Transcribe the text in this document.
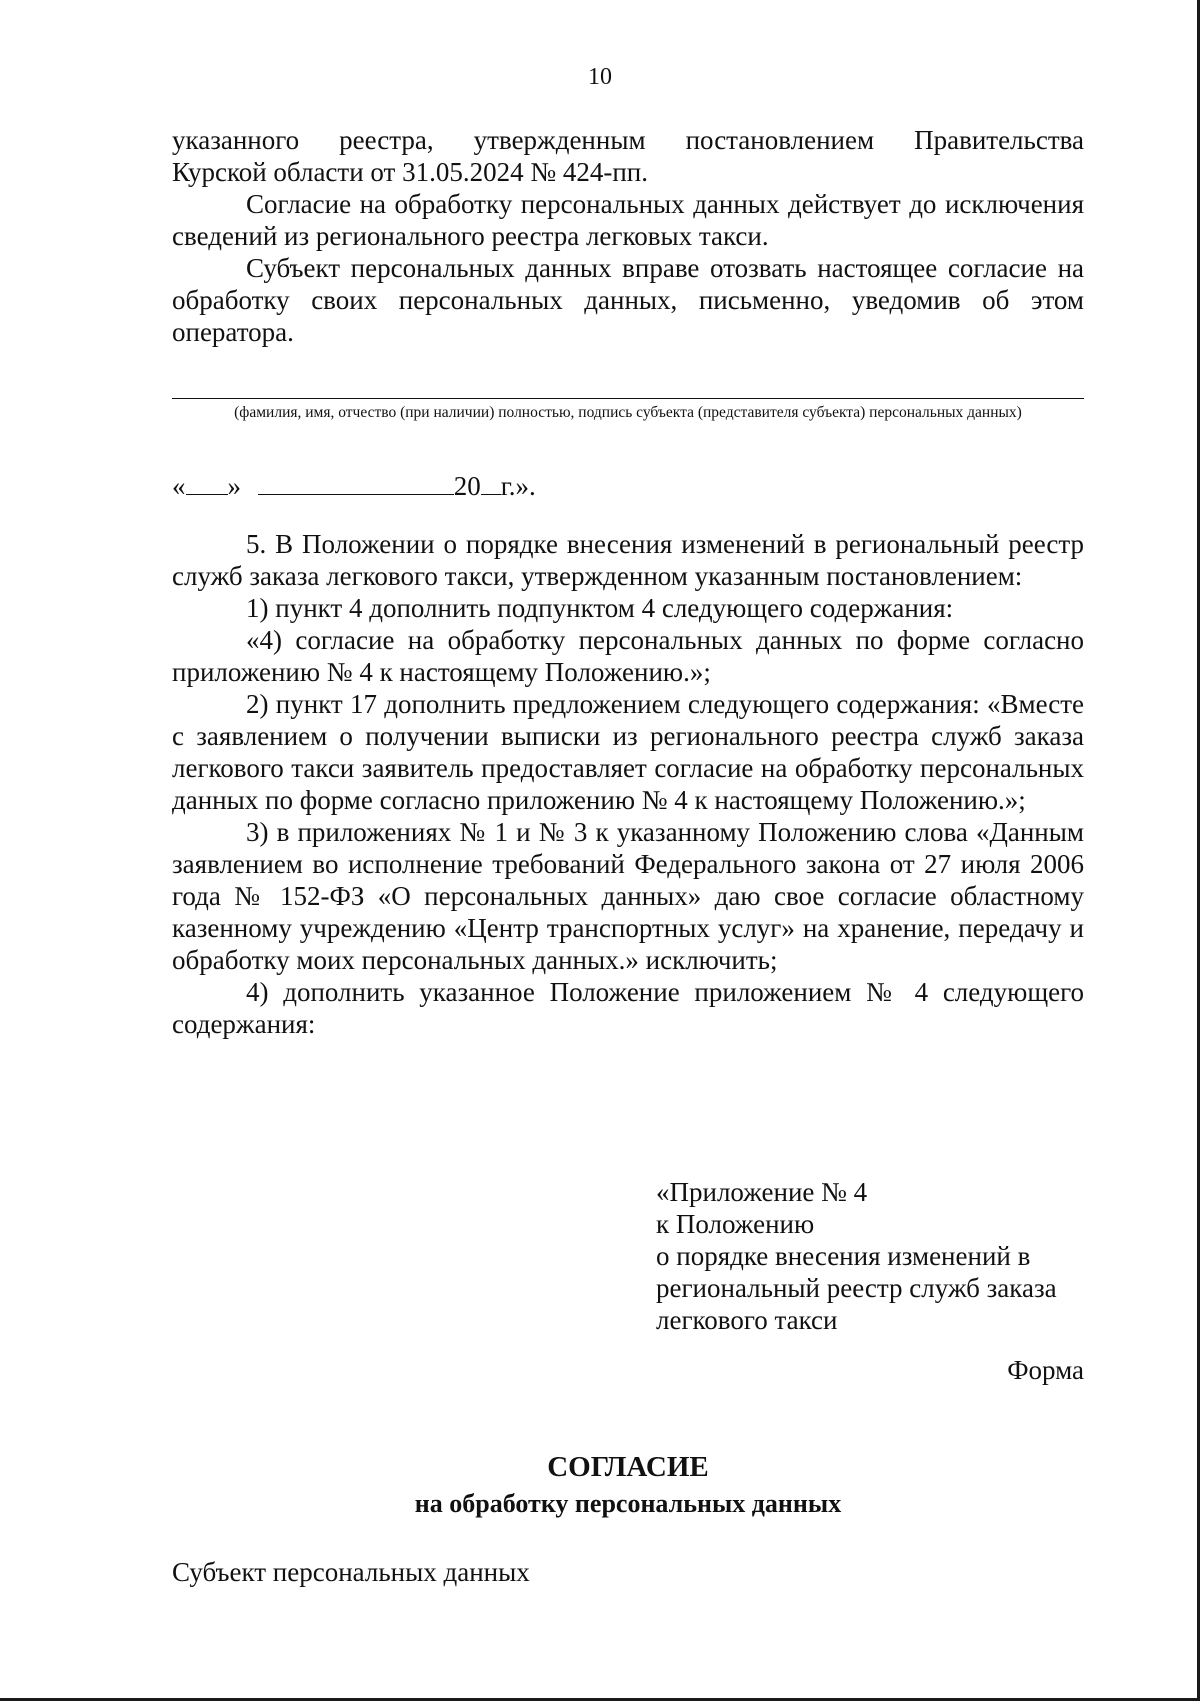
10

указанного реестра, утвержденным постановлением Правительства
Курской области от 31.05.2024 № 424-пп.

Согласие на обработку персональных данных действует до исключения сведений из регионального реестра легковых такси.

Субъект персональных данных вправе отозвать настоящее согласие на обработку своих персональных данных, письменно, уведомив об этом оператора.

(фамилия, имя, отчество (при наличии) полностью, подпись субъекта (представителя субъекта) персональных данных)
« »	20 г.».

5. В Положении о порядке внесения изменений в региональный реестр служб заказа легкового такси, утвержденном указанным постановлением:

1) пункт 4 дополнить подпунктом 4 следующего содержания:

«4) согласие на обработку персональных данных по форме согласно приложению № 4 к настоящему Положению.»;

2) пункт 17 дополнить предложением следующего содержания: «Вместе с заявлением о получении выписки из регионального реестра служб заказа легкового такси заявитель предоставляет согласие на обработку персональных данных по форме согласно приложению № 4 к настоящему Положению.»;

3) в приложениях № 1 и № 3 к указанному Положению слова «Данным заявлением во исполнение требований Федерального закона от 27 июля 2006 года № 152-ФЗ «О персональных данных» даю свое согласие областному казенному учреждению «Центр транспортных услуг» на хранение, передачу и обработку моих персональных данных.» исключить;

4) дополнить указанное Положение приложением № 4 следующего содержания:

«Приложение № 4
к Положению
о порядке внесения изменений в
региональный реестр служб заказа
легкового такси
Форма
СОГЛАСИЕ
на обработку персональных данных
Субъект персональных данных
